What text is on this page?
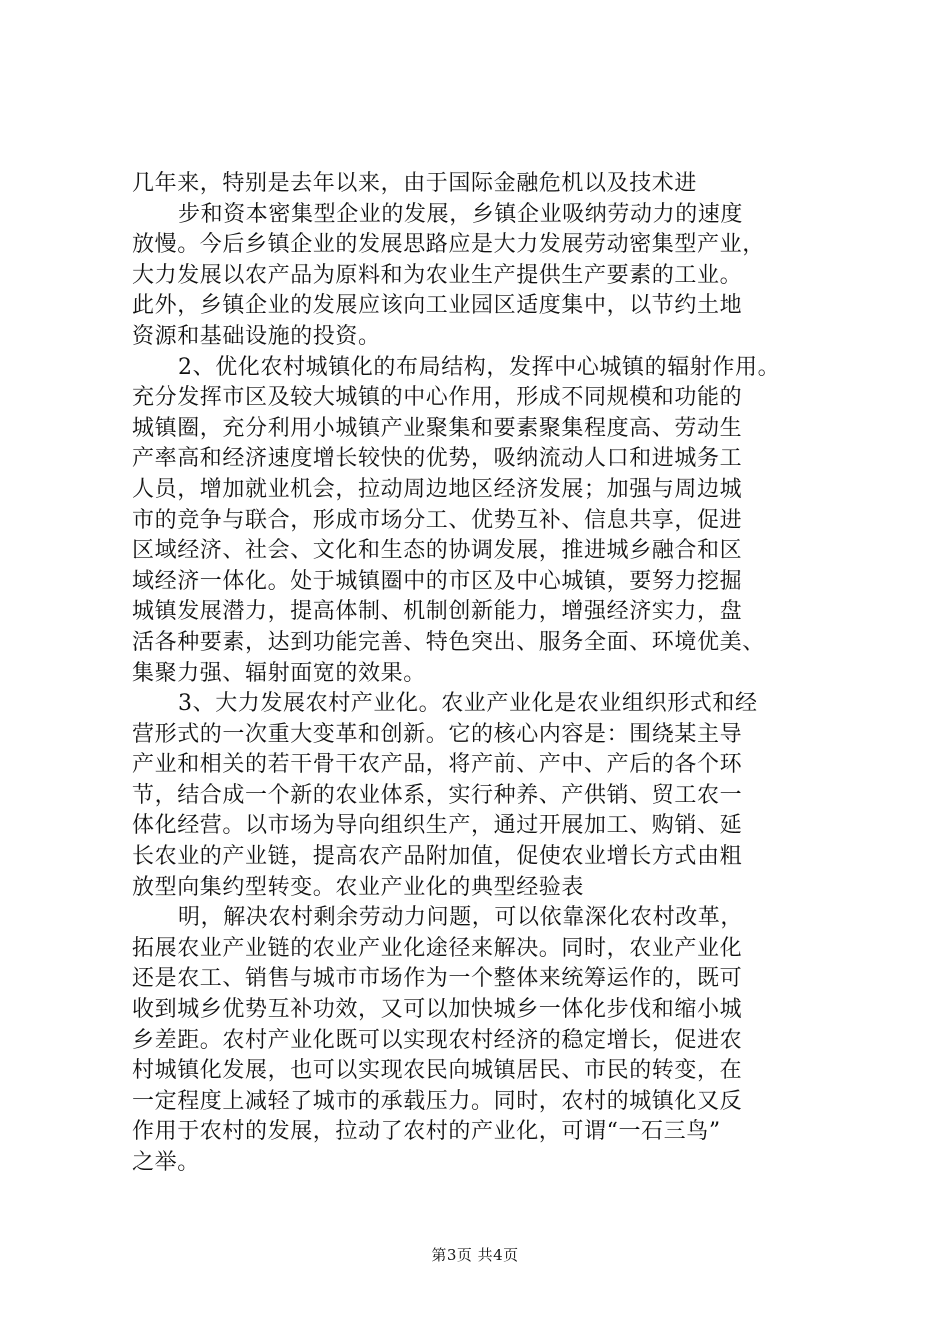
几年来，特别是去年以来，由于国际金融危机以及技术进
步和资本密集型企业的发展，乡镇企业吸纳劳动力的速度
放慢。今后乡镇企业的发展思路应是大力发展劳动密集型产业，
大力发展以农产品为原料和为农业生产提供生产要素的工业。
此外，乡镇企业的发展应该向工业园区适度集中，以节约土地
资源和基础设施的投资。
2、优化农村城镇化的布局结构，发挥中心城镇的辐射作用。
充分发挥市区及较大城镇的中心作用，形成不同规模和功能的
城镇圈，充分利用小城镇产业聚集和要素聚集程度高、劳动生
产率高和经济速度增长较快的优势，吸纳流动人口和进城务工
人员，增加就业机会，拉动周边地区经济发展；加强与周边城
市的竞争与联合，形成市场分工、优势互补、信息共享，促进
区域经济、社会、文化和生态的协调发展，推进城乡融合和区
域经济一体化。处于城镇圈中的市区及中心城镇，要努力挖掘
城镇发展潜力，提高体制、机制创新能力，增强经济实力，盘
活各种要素，达到功能完善、特色突出、服务全面、环境优美、
集聚力强、辐射面宽的效果。
3、大力发展农村产业化。农业产业化是农业组织形式和经
营形式的一次重大变革和创新。它的核心内容是：围绕某主导
产业和相关的若干骨干农产品，将产前、产中、产后的各个环
节，结合成一个新的农业体系，实行种养、产供销、贸工农一
体化经营。以市场为导向组织生产，通过开展加工、购销、延
长农业的产业链，提高农产品附加值，促使农业增长方式由粗
放型向集约型转变。农业产业化的典型经验表
明，解决农村剩余劳动力问题，可以依靠深化农村改革，
拓展农业产业链的农业产业化途径来解决。同时，农业产业化
还是农工、销售与城市市场作为一个整体来统筹运作的，既可
收到城乡优势互补功效，又可以加快城乡一体化步伐和缩小城
乡差距。农村产业化既可以实现农村经济的稳定增长，促进农
村城镇化发展，也可以实现农民向城镇居民、市民的转变，在
一定程度上减轻了城市的承载压力。同时，农村的城镇化又反
作用于农村的发展，拉动了农村的产业化，可谓“一石三鸟”
之举。
第3页 共4页
